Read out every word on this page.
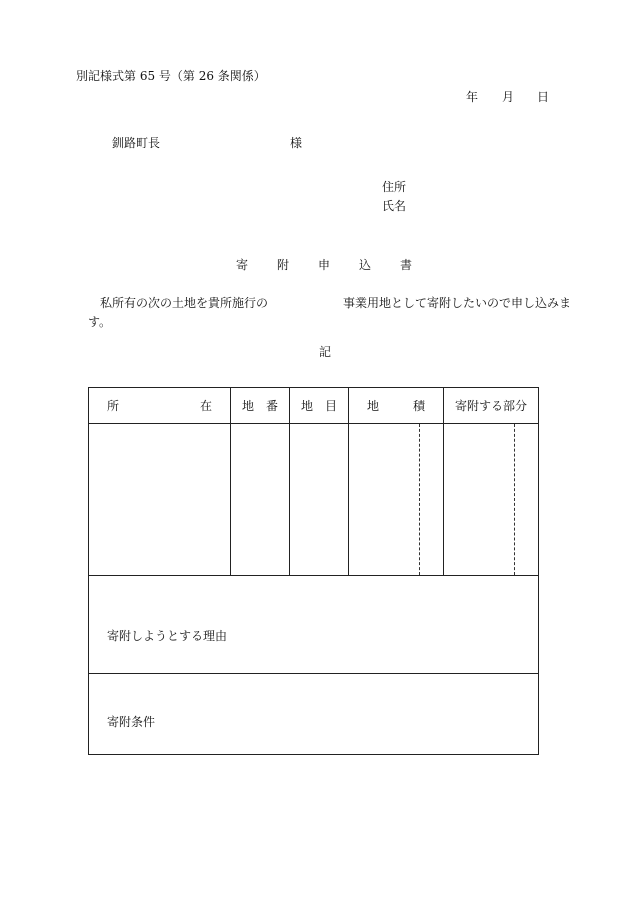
別記様式第 65 号（第 26 条関係）
年 月 日
釧路町長	様
住所
氏名
寄 附 申 込 書
私所有の次の土地を貴所施行の	事業用地として寄附したいので申し込みま
す。
記
所 在	地　番	地　目	地 積	寄附する部分

寄附しようとする理由				

寄附条件				
